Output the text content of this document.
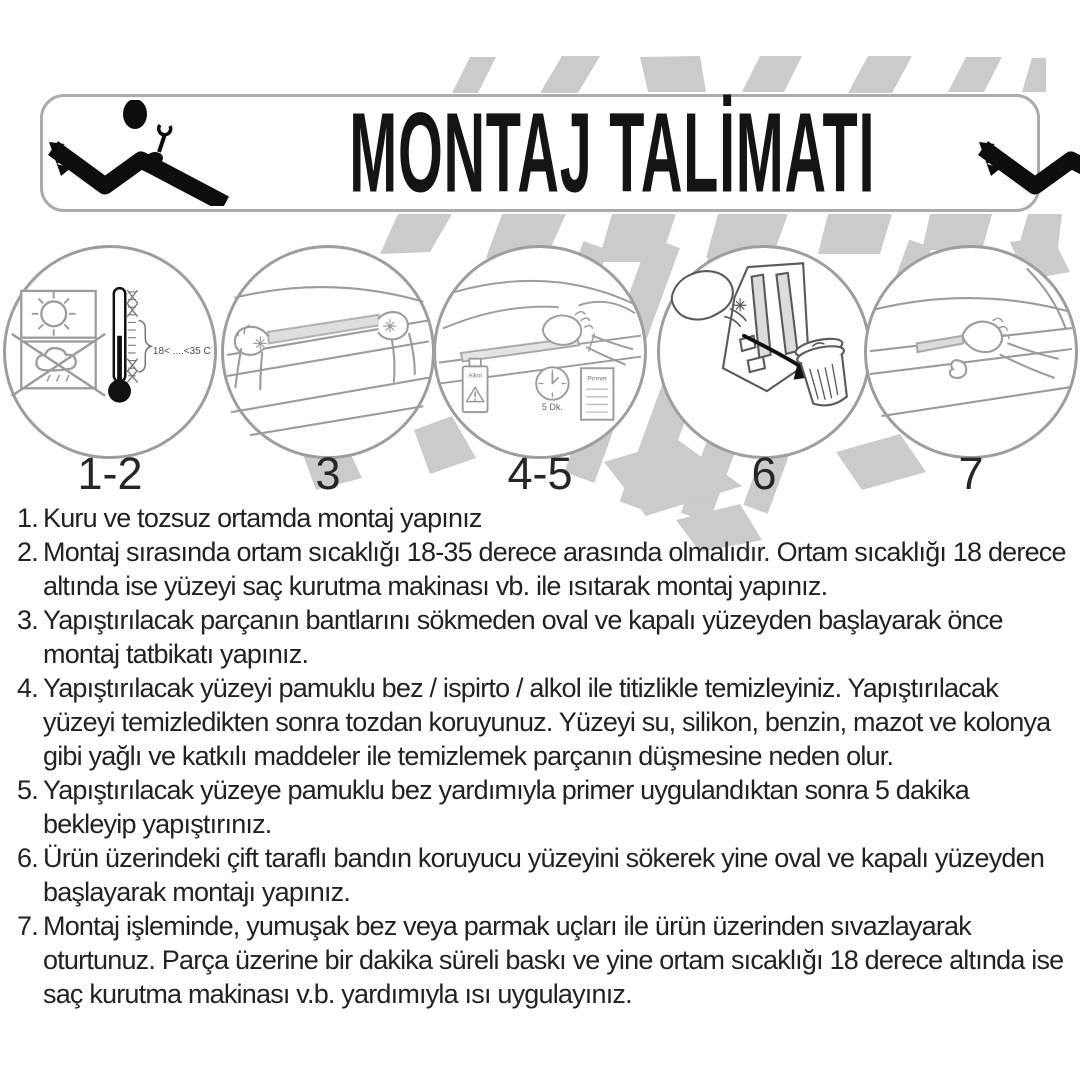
MONTAJ TALİMATI
18< ....<35 C
Alkol
5 Dk.
Primer
1-2	3	4-5	6	7
1. Kuru ve tozsuz ortamda montaj yapınız
2. Montaj sırasında ortam sıcaklığı 18-35 derece arasında olmalıdır. Ortam sıcaklığı 18 derece altında ise yüzeyi saç kurutma makinası vb. ile ısıtarak montaj yapınız.
3. Yapıştırılacak parçanın bantlarını sökmeden oval ve kapalı yüzeyden başlayarak önce montaj tatbikatı yapınız.
4. Yapıştırılacak yüzeyi pamuklu bez / ispirto / alkol ile titizlikle temizleyiniz. Yapıştırılacak yüzeyi temizledikten sonra tozdan koruyunuz. Yüzeyi su, silikon, benzin, mazot ve kolonya gibi yağlı ve katkılı maddeler ile temizlemek parçanın düşmesine neden olur.
5. Yapıştırılacak yüzeye pamuklu bez yardımıyla primer uygulandıktan sonra 5 dakika bekleyip yapıştırınız.
6. Ürün üzerindeki çift taraflı bandın koruyucu yüzeyini sökerek yine oval ve kapalı yüzeyden başlayarak montajı yapınız.
7. Montaj işleminde, yumuşak bez veya parmak uçları ile ürün üzerinden sıvazlayarak oturtunuz. Parça üzerine bir dakika süreli baskı ve yine ortam sıcaklığı 18 derece altında ise saç kurutma makinası v.b. yardımıyla ısı uygulayınız.
